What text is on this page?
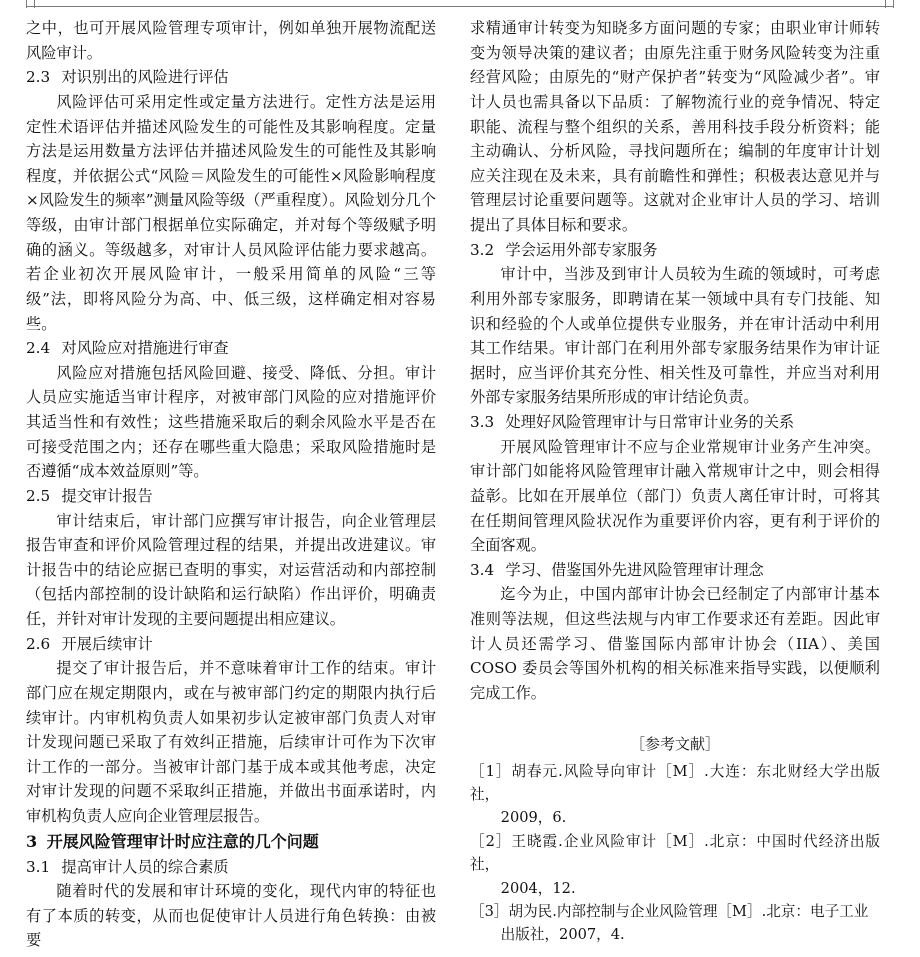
之中，也可开展风险管理专项审计，例如单独开展物流配送风险审计。

2.3 对识别出的风险进行评估

风险评估可采用定性或定量方法进行。定性方法是运用定性术语评估并描述风险发生的可能性及其影响程度。定量方法是运用数量方法评估并描述风险发生的可能性及其影响程度，并依据公式“风险＝风险发生的可能性×风险影响程度×风险发生的频率”测量风险等级（严重程度）。风险划分几个等级，由审计部门根据单位实际确定，并对每个等级赋予明确的涵义。等级越多，对审计人员风险评估能力要求越高。若企业初次开展风险审计，一般采用简单的风险“三等级”法，即将风险分为高、中、低三级，这样确定相对容易些。

2.4 对风险应对措施进行审查

风险应对措施包括风险回避、接受、降低、分担。审计人员应实施适当审计程序，对被审部门风险的应对措施评价其适当性和有效性；这些措施采取后的剩余风险水平是否在可接受范围之内；还存在哪些重大隐患；采取风险措施时是否遵循“成本效益原则”等。

2.5 提交审计报告

审计结束后，审计部门应撰写审计报告，向企业管理层报告审查和评价风险管理过程的结果，并提出改进建议。审计报告中的结论应据已查明的事实，对运营活动和内部控制（包括内部控制的设计缺陷和运行缺陷）作出评价，明确责任，并针对审计发现的主要问题提出相应建议。

2.6 开展后续审计

提交了审计报告后，并不意味着审计工作的结束。审计部门应在规定期限内，或在与被审部门约定的期限内执行后续审计。内审机构负责人如果初步认定被审部门负责人对审计发现问题已采取了有效纠正措施，后续审计可作为下次审计工作的一部分。当被审计部门基于成本或其他考虑，决定对审计发现的问题不采取纠正措施，并做出书面承诺时，内审机构负责人应向企业管理层报告。

3 开展风险管理审计时应注意的几个问题

3.1 提高审计人员的综合素质

随着时代的发展和审计环境的变化，现代内审的特征也有了本质的转变，从而也促使审计人员进行角色转换：由被要

求精通审计转变为知晓多方面问题的专家；由职业审计师转变为领导决策的建议者；由原先注重于财务风险转变为注重经营风险；由原先的“财产保护者”转变为“风险减少者”。审计人员也需具备以下品质：了解物流行业的竞争情况、特定职能、流程与整个组织的关系，善用科技手段分析资料；能主动确认、分析风险，寻找问题所在；编制的年度审计计划应关注现在及未来，具有前瞻性和弹性；积极表达意见并与管理层讨论重要问题等。这就对企业审计人员的学习、培训提出了具体目标和要求。

3.2 学会运用外部专家服务

审计中，当涉及到审计人员较为生疏的领域时，可考虑利用外部专家服务，即聘请在某一领域中具有专门技能、知识和经验的个人或单位提供专业服务，并在审计活动中利用其工作结果。审计部门在利用外部专家服务结果作为审计证据时，应当评价其充分性、相关性及可靠性，并应当对利用外部专家服务结果所形成的审计结论负责。

3.3 处理好风险管理审计与日常审计业务的关系

开展风险管理审计不应与企业常规审计业务产生冲突。审计部门如能将风险管理审计融入常规审计之中，则会相得益彰。比如在开展单位（部门）负责人离任审计时，可将其在任期间管理风险状况作为重要评价内容，更有利于评价的全面客观。

3.4 学习、借鉴国外先进风险管理审计理念

迄今为止，中国内部审计协会已经制定了内部审计基本准则等法规，但这些法规与内审工作要求还有差距。因此审计人员还需学习、借鉴国际内部审计协会（IIA）、美国 COSO 委员会等国外机构的相关标准来指导实践，以便顺利完成工作。

［参考文献］

［1］胡春元.风险导向审计［M］.大连：东北财经大学出版社，
2009，6.

［2］王晓霞.企业风险审计［M］.北京：中国时代经济出版社，
2004，12.

［3］胡为民.内部控制与企业风险管理［M］.北京：电子工业
出版社，2007，4.
